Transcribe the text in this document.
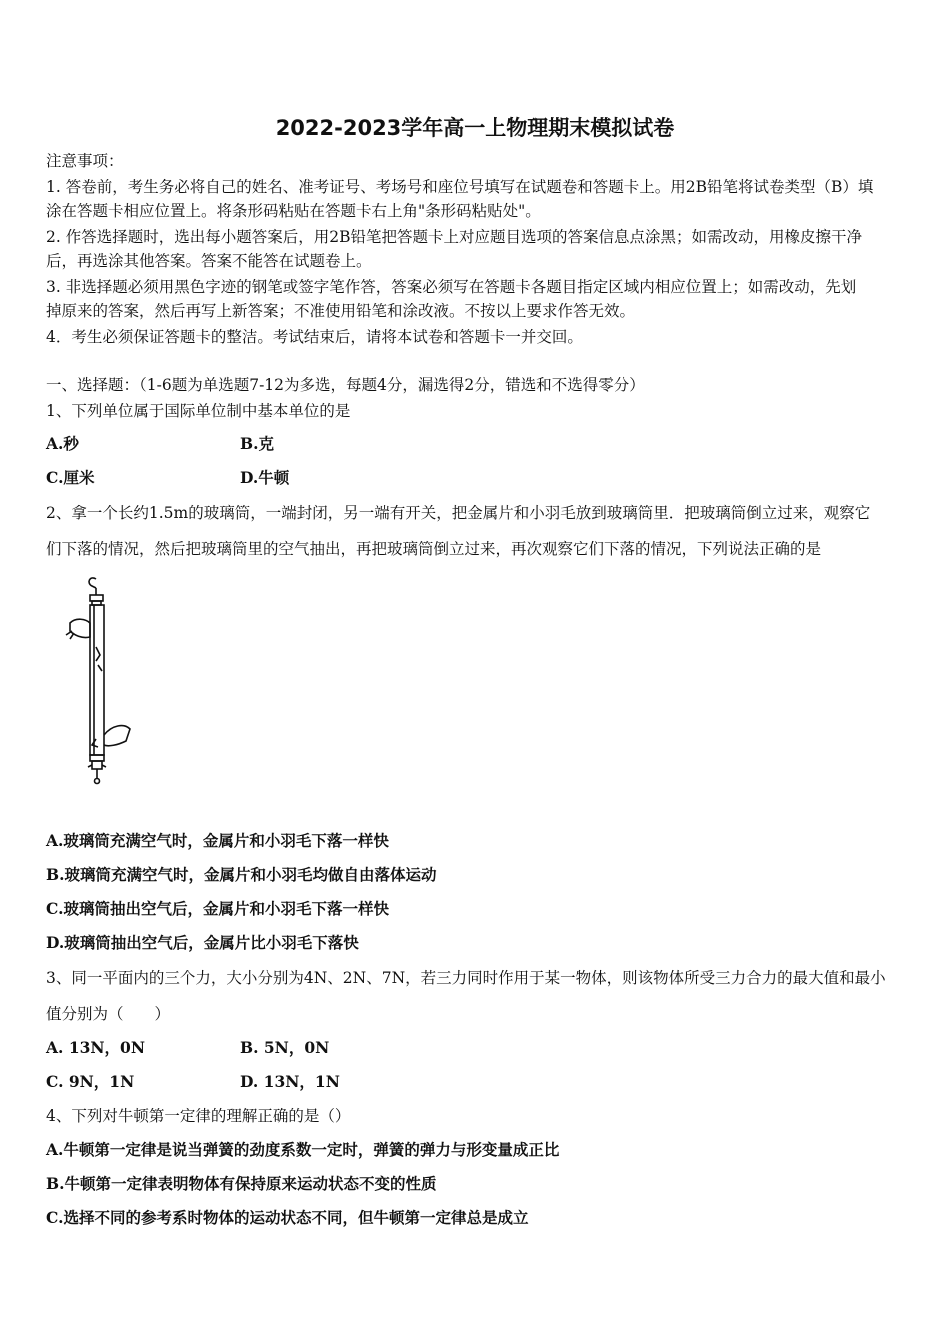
2022-2023学年高一上物理期末模拟试卷
注意事项：
1. 答卷前，考生务必将自己的姓名、准考证号、考场号和座位号填写在试题卷和答题卡上。用2B铅笔将试卷类型（B）填
涂在答题卡相应位置上。将条形码粘贴在答题卡右上角"条形码粘贴处"。
2. 作答选择题时，选出每小题答案后，用2B铅笔把答题卡上对应题目选项的答案信息点涂黑；如需改动，用橡皮擦干净
后，再选涂其他答案。答案不能答在试题卷上。
3. 非选择题必须用黑色字迹的钢笔或签字笔作答，答案必须写在答题卡各题目指定区域内相应位置上；如需改动，先划
掉原来的答案，然后再写上新答案；不准使用铅笔和涂改液。不按以上要求作答无效。
4．考生必须保证答题卡的整洁。考试结束后，请将本试卷和答题卡一并交回。
一、选择题：（1-6题为单选题7-12为多选，每题4分，漏选得2分，错选和不选得零分）
1、下列单位属于国际单位制中基本单位的是
A.秒	B.克
C.厘米	D.牛顿
2、拿一个长约1.5m的玻璃筒，一端封闭，另一端有开关，把金属片和小羽毛放到玻璃筒里．把玻璃筒倒立过来，观察它
们下落的情况，然后把玻璃筒里的空气抽出，再把玻璃筒倒立过来，再次观察它们下落的情况，下列说法正确的是
A.玻璃筒充满空气时，金属片和小羽毛下落一样快
B.玻璃筒充满空气时，金属片和小羽毛均做自由落体运动
C.玻璃筒抽出空气后，金属片和小羽毛下落一样快
D.玻璃筒抽出空气后，金属片比小羽毛下落快
3、同一平面内的三个力，大小分别为4N、2N、7N，若三力同时作用于某一物体，则该物体所受三力合力的最大值和最小
值分别为（　　）
A. 13N，0N	B. 5N，0N
C. 9N，1N	D. 13N，1N
4、下列对牛顿第一定律的理解正确的是（）
A.牛顿第一定律是说当弹簧的劲度系数一定时，弹簧的弹力与形变量成正比
B.牛顿第一定律表明物体有保持原来运动状态不变的性质
C.选择不同的参考系时物体的运动状态不同，但牛顿第一定律总是成立
